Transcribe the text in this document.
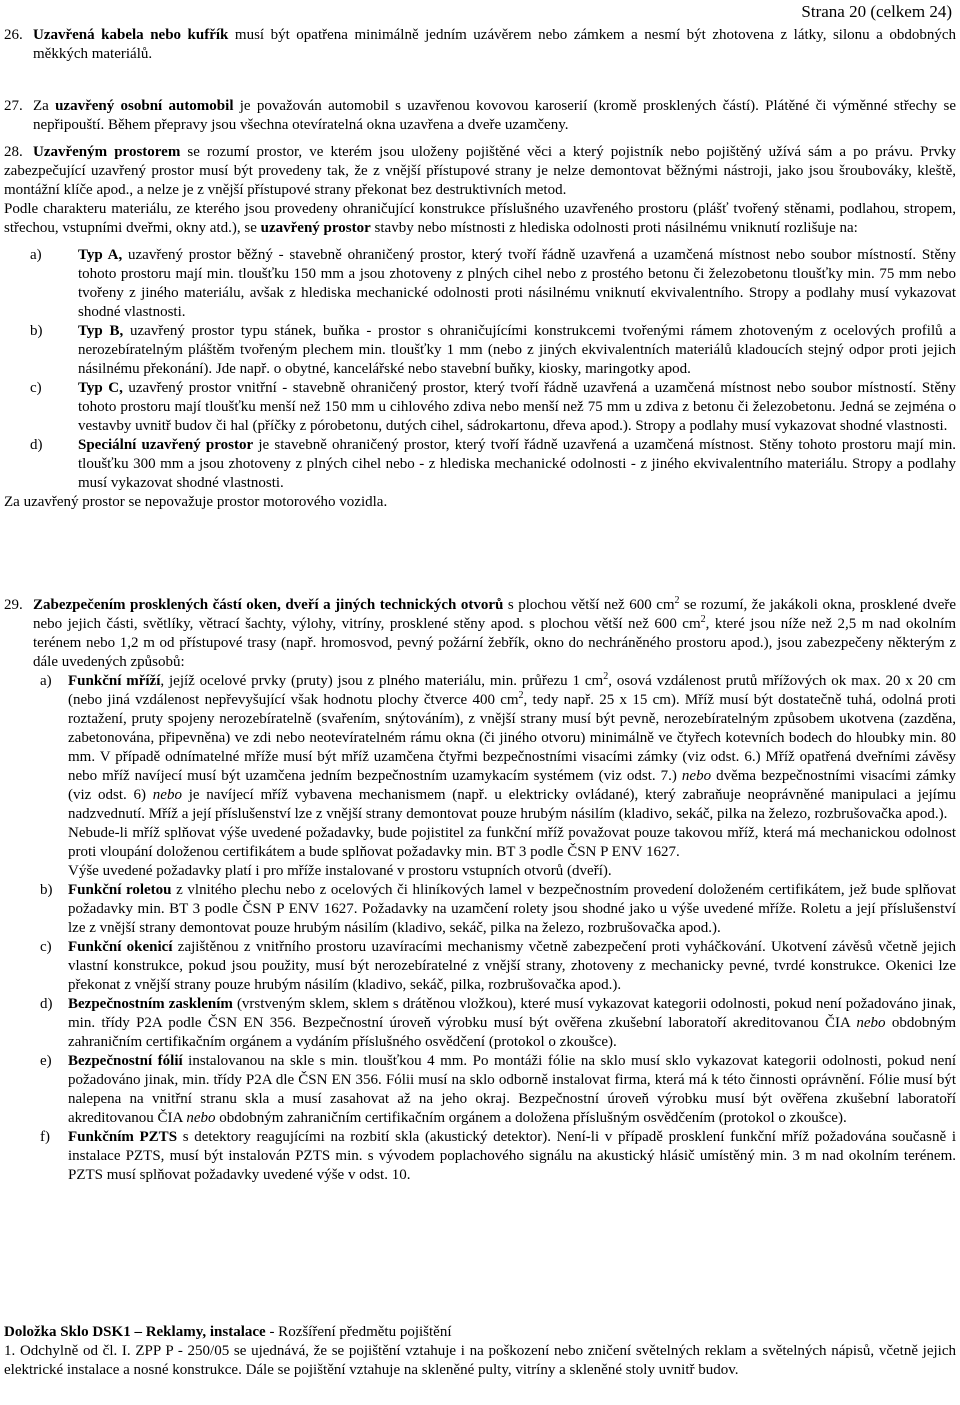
Strana 20 (celkem 24)
26. Uzavřená kabela nebo kufřík musí být opatřena minimálně jedním uzávěrem nebo zámkem a nesmí být zhotovena z látky, silonu a obdobných měkkých materiálů.
27. Za uzavřený osobní automobil je považován automobil s uzavřenou kovovou karoserií (kromě prosklených částí). Plátěné či výměnné střechy se nepřipouští. Během přepravy jsou všechna otevíratelná okna uzavřena a dveře uzamčeny.
28. Uzavřeným prostorem se rozumí prostor, ve kterém jsou uloženy pojištěné věci a který pojistník nebo pojištěný užívá sám a po právu. Prvky zabezpečující uzavřený prostor musí být provedeny tak, že z vnější přístupové strany je nelze demontovat běžnými nástroji, jako jsou šroubováky, kleště, montážní klíče apod., a nelze je z vnější přístupové strany překonat bez destruktivních metod.
Podle charakteru materiálu, ze kterého jsou provedeny ohraničující konstrukce příslušného uzavřeného prostoru (plášť tvořený stěnami, podlahou, stropem, střechou, vstupními dveřmi, okny atd.), se uzavřený prostor stavby nebo místnosti z hlediska odolnosti proti násilnému vniknutí rozlišuje na:
a) Typ A, uzavřený prostor běžný - stavebně ohraničený prostor, který tvoří řádně uzavřená a uzamčená místnost nebo soubor místností. Stěny tohoto prostoru mají min. tloušťku 150 mm a jsou zhotoveny z plných cihel nebo z prostého betonu či železobetonu tloušťky min. 75 mm nebo tvořeny z jiného materiálu, avšak z hlediska mechanické odolnosti proti násilnému vniknutí ekvivalentního. Stropy a podlahy musí vykazovat shodné vlastnosti.
b) Typ B, uzavřený prostor typu stánek, buňka - prostor s ohraničujícími konstrukcemi tvořenými rámem zhotoveným z ocelových profilů a nerozebíratelným pláštěm tvořeným plechem min. tloušťky 1 mm (nebo z jiných ekvivalentních materiálů kladoucích stejný odpor proti jejich násilnému překonání). Jde např. o obytné, kancelářské nebo stavební buňky, kiosky, maringotky apod.
c) Typ C, uzavřený prostor vnitřní - stavebně ohraničený prostor, který tvoří řádně uzavřená a uzamčená místnost nebo soubor místností. Stěny tohoto prostoru mají tloušťku menší než 150 mm u cihlového zdiva nebo menší než 75 mm u zdiva z betonu či železobetonu. Jedná se zejména o vestavby uvnitř budov či hal (příčky z pórobetonu, dutých cihel, sádrokartonu, dřeva apod.). Stropy a podlahy musí vykazovat shodné vlastnosti.
d) Speciální uzavřený prostor je stavebně ohraničený prostor, který tvoří řádně uzavřená a uzamčená místnost. Stěny tohoto prostoru mají min. tloušťku 300 mm a jsou zhotoveny z plných cihel nebo - z hlediska mechanické odolnosti - z jiného ekvivalentního materiálu. Stropy a podlahy musí vykazovat shodné vlastnosti.
Za uzavřený prostor se nepovažuje prostor motorového vozidla.
29. Zabezpečením prosklených částí oken, dveří a jiných technických otvorů s plochou větší než 600 $cm^2$ se rozumí, že jakákoli okna, prosklené dveře nebo jejich části, světlíky, větrací šachty, výlohy, vitríny, prosklené stěny apod. s plochou větší než 600 $cm^2$, které jsou níže než 2,5 m nad okolním terénem nebo 1,2 m od přístupové trasy (např. hromosvod, pevný požární žebřík, okno do nechráněného prostoru apod.), jsou zabezpečeny některým z dále uvedených způsobů:
a) Funkční mříží, jejíž ocelové prvky (pruty) jsou z plného materiálu, min. průřezu 1 $cm^2$, osová vzdálenost prutů mřížových ok max. 20 x 20 cm (nebo jiná vzdálenost nepřevyšující však hodnotu plochy čtverce 400 $cm^2$, tedy např. 25 x 15 cm). Mříž musí být dostatečně tuhá, odolná proti roztažení, pruty spojeny nerozebíratelně (svařením, snýtováním), z vnější strany musí být pevně, nerozebíratelným způsobem ukotvena (zazděna, zabetonována, připevněna) ve zdi nebo neotevíratelném rámu okna (či jiného otvoru) minimálně ve čtyřech kotevních bodech do hloubky min. 80 mm. V případě odnímatelné mříže musí být mříž uzamčena čtyřmi bezpečnostními visacími zámky (viz odst. 6.) Mříž opatřená dveřními závěsy nebo mříž navíjecí musí být uzamčena jedním bezpečnostním uzamykacím systémem (viz odst. 7.) nebo dvěma bezpečnostními visacími zámky (viz odst. 6) nebo je navíjecí mříž vybavena mechanismem (např. u elektricky ovládané), který zabraňuje neoprávněné manipulaci a jejímu nadzvednutí. Mříž a její příslušenství lze z vnější strany demontovat pouze hrubým násilím (kladivo, sekáč, pilka na železo, rozbrušovačka apod.).
Nebude-li mříž splňovat výše uvedené požadavky, bude pojistitel za funkční mříž považovat pouze takovou mříž, která má mechanickou odolnost proti vloupání doloženou certifikátem a bude splňovat požadavky min. BT 3 podle ČSN P ENV 1627.
Výše uvedené požadavky platí i pro mříže instalované v prostoru vstupních otvorů (dveří).
b) Funkční roletou z vlnitého plechu nebo z ocelových či hliníkových lamel v bezpečnostním provedení doloženém certifikátem, jež bude splňovat požadavky min. BT 3 podle ČSN P ENV 1627. Požadavky na uzamčení rolety jsou shodné jako u výše uvedené mříže. Roletu a její příslušenství lze z vnější strany demontovat pouze hrubým násilím (kladivo, sekáč, pilka na železo, rozbrušovačka apod.).
c) Funkční okenicí zajištěnou z vnitřního prostoru uzavíracími mechanismy včetně zabezpečení proti vyháčkování. Ukotvení závěsů včetně jejich vlastní konstrukce, pokud jsou použity, musí být nerozebíratelné z vnější strany, zhotoveny z mechanicky pevné, tvrdé konstrukce. Okenici lze překonat z vnější strany pouze hrubým násilím (kladivo, sekáč, pilka, rozbrušovačka apod.).
d) Bezpečnostním zasklením (vrstveným sklem, sklem s drátěnou vložkou), které musí vykazovat kategorii odolnosti, pokud není požadováno jinak, min. třídy P2A podle ČSN EN 356. Bezpečnostní úroveň výrobku musí být ověřena zkušební laboratoří akreditovanou ČIA nebo obdobným zahraničním certifikačním orgánem a vydáním příslušného osvědčení (protokol o zkoušce).
e) Bezpečnostní fólií instalovanou na skle s min. tloušťkou 4 mm. Po montáži fólie na sklo musí sklo vykazovat kategorii odolnosti, pokud není požadováno jinak, min. třídy P2A dle ČSN EN 356. Fólii musí na sklo odborně instalovat firma, která má k této činnosti oprávnění. Fólie musí být nalepena na vnitřní stranu skla a musí zasahovat až na jeho okraj. Bezpečnostní úroveň výrobku musí být ověřena zkušební laboratoří akreditovanou ČIA nebo obdobným zahraničním certifikačním orgánem a doložena příslušným osvědčením (protokol o zkoušce).
f) Funkčním PZTS s detektory reagujícími na rozbití skla (akustický detektor). Není-li v případě prosklení funkční mříž požadována současně i instalace PZTS, musí být instalován PZTS min. s vývodem poplachového signálu na akustický hlásič umístěný min. 3 m nad okolním terénem. PZTS musí splňovat požadavky uvedené výše v odst. 10.
Doložka Sklo DSK1 – Reklamy, instalace - Rozšíření předmětu pojištění
1. Odchylně od čl. I. ZPP P - 250/05 se ujednává, že se pojištění vztahuje i na poškození nebo zničení světelných reklam a světelných nápisů, včetně jejich elektrické instalace a nosné konstrukce. Dále se pojištění vztahuje na skleněné pulty, vitríny a skleněné stoly uvnitř budov.
